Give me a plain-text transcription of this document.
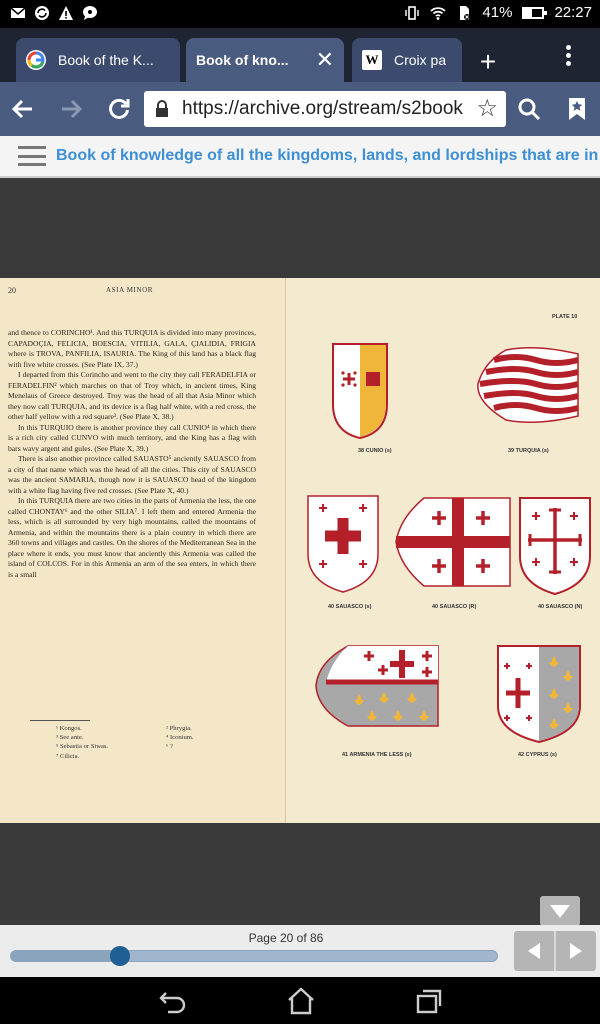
41%	22:27
Book of the K...	Book of kno... ✕ W Croix pa	+
https://archive.org/stream/s2book ☆
Book of knowledge of all the kingdoms, lands, and lordships that are in
20	ASIA MINOR

and thence to CORINCHO¹. And this TURQUIA is divided into many provinces, CAPADOÇIA, FELICIA, BOESCIA, VITILIA, GALA, ÇIALIDIA, FRIGIA where is TROVA, PANFILIA, ISAURIA. The King of this land has a black flag with five white crosses. (See Plate IX, 37.)

I departed from this Corincho and went to the city they call FERADELFIA or FERADELFIN² which marches on that of Troy which, in ancient times, King Menelaus of Greece destroyed. Troy was the head of all that Asia Minor which they now call TURQUIA, and its device is a flag half white, with a red cross, the other half yellow with a red square³. (See Plate X, 38.)

In this TURQUIO there is another province they call CUNIO⁴ in which there is a rich city called CUNVO with much territory, and the King has a flag with bars wavy argent and gules. (See Plate X, 39.)

There is also another province called SAUASTO⁵ anciently SAUASCO from a city of that name which was the head of all the cities. This city of SAUASCO was the ancient SAMARIA, though now it is SAUASCO head of the kingdom with a white flag having five red crosses. (See Plate X, 40.)

In this TURQUIA there are two cities in the parts of Armenia the less, the one called CHONTAY⁶ and the other SILIA⁷. I left them and entered Armenia the less, which is all surrounded by very high mountains, called the mountains of Armenia, and within the mountains there is a plain country in which there are 360 towns and villages and castles. On the shores of the Mediterranean Sea in the place where it ends, you must know that anciently this Armenia was called the island of COLCOS. For in this Armenia an arm of the sea enters, in which there is a small

¹ Kongos.
³ See ante.
⁵ Sebastia or Siwas.
⁷ Cilicia.
² Phrygia.
⁴ Iconium.
⁶ ?
PLATE 10
38 CUNIO (s)	39 TURQUIA (s)
40 SAUASCO (s)	40 SAUASCO (R)	40 SAUASCO (N)
41 ARMENIA THE LESS (s)	42 CYPRUS (s)
Page 20 of 86
